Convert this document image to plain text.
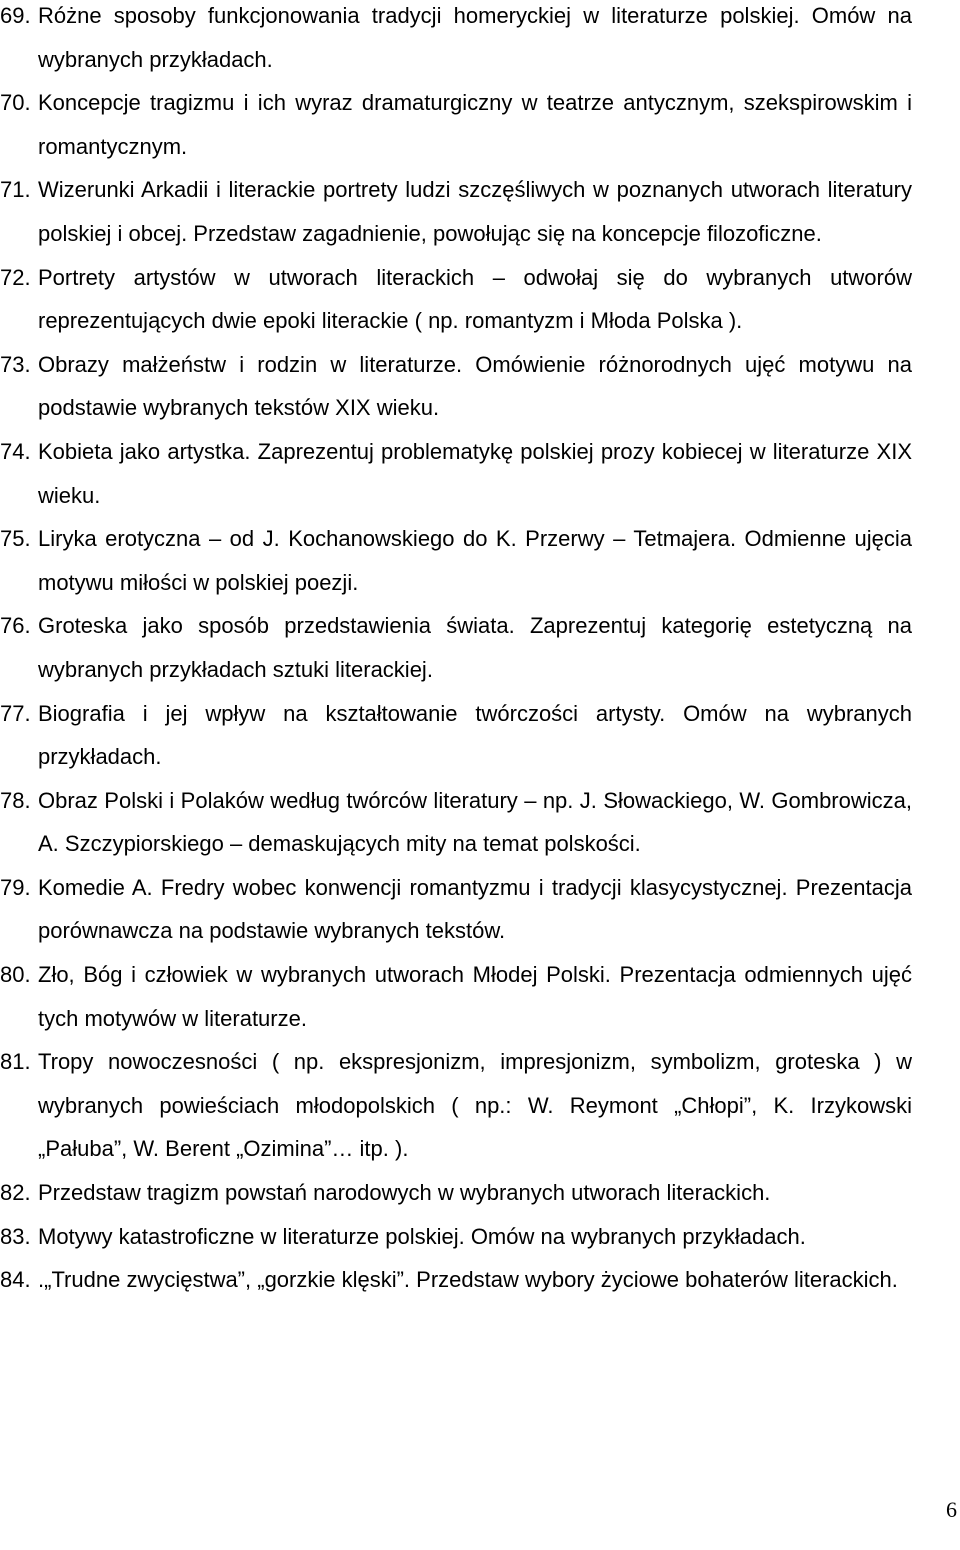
69. Różne sposoby funkcjonowania tradycji homeryckiej w literaturze polskiej. Omów na wybranych przykładach.
70. Koncepcje tragizmu i ich wyraz dramaturgiczny w teatrze antycznym, szekspirowskim i romantycznym.
71. Wizerunki Arkadii i literackie portrety ludzi szczęśliwych w poznanych utworach literatury polskiej i obcej. Przedstaw zagadnienie, powołując się na koncepcje filozoficzne.
72. Portrety artystów w utworach literackich – odwołaj się do wybranych utworów reprezentujących dwie epoki literackie ( np. romantyzm i Młoda Polska ).
73. Obrazy małżeństw i rodzin w literaturze. Omówienie różnorodnych ujęć motywu na podstawie wybranych tekstów XIX wieku.
74. Kobieta jako artystka. Zaprezentuj problematykę polskiej prozy kobiecej w literaturze XIX wieku.
75. Liryka erotyczna – od J. Kochanowskiego do K. Przerwy – Tetmajera. Odmienne ujęcia motywu miłości w polskiej poezji.
76. Groteska jako sposób przedstawienia świata. Zaprezentuj kategorię estetyczną na wybranych przykładach sztuki literackiej.
77. Biografia i jej wpływ na kształtowanie twórczości artysty. Omów na wybranych przykładach.
78. Obraz Polski i Polaków według twórców literatury – np. J. Słowackiego, W. Gombrowicza, A. Szczypiorskiego – demaskujących mity na temat polskości.
79. Komedie A. Fredry wobec konwencji romantyzmu i tradycji klasycystycznej. Prezentacja porównawcza na podstawie wybranych tekstów.
80. Zło, Bóg i człowiek w wybranych utworach Młodej Polski. Prezentacja odmiennych ujęć tych motywów w literaturze.
81. Tropy nowoczesności ( np. ekspresjonizm, impresjonizm, symbolizm, groteska ) w wybranych powieściach młodopolskich ( np.: W. Reymont „Chłopi”, K. Irzykowski „Pałuba”, W. Berent „Ozimina”… itp. ).
82. Przedstaw tragizm powstań narodowych w wybranych utworach literackich.
83. Motywy katastroficzne w literaturze polskiej. Omów na wybranych przykładach.
84. .„Trudne zwycięstwa”, „gorzkie klęski”. Przedstaw wybory życiowe bohaterów literackich.
6
